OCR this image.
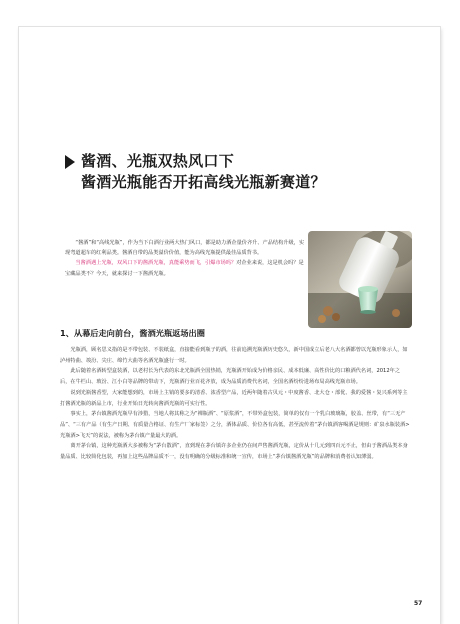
酱酒、光瓶双热风口下

酱酒光瓶能否开拓高线光瓶新赛道？

“酱酒”和“高线光瓶”，作为当下白酒行业两大热门风口，都是助力酒企量价齐升、产品结构升级，实现弯道超车的红利品类。酱酒自带的品类溢价价值，能为高线光瓶提供最佳品质背书。

当酱酒遇上光瓶，双风口下的酱酒光瓶，真能乘势而飞，引爆市场吗？对企业来说，这是机会吗？是宝藏品类不？今天，就来探讨一下酱酒光瓶。

1、从幕后走向前台，酱酒光瓶返场出圈

光瓶酒，顾名思义指的是不带包装、不装纸盒，直接能看到瓶子的酒，往前追溯光瓶酒历史悠久，新中国成立后老八大名酒都曾以光瓶形象示人，如泸州特曲、竣汾、尖庄、绵竹大曲等名酒光瓶盛行一时。

此后随着名酒转型盒装酒，以老村长为代表的东北光瓶酒全国热销，光瓶酒开始成为价格亲民、成本低廉、高性价比的口粮酒代名词，2012年之后，在牛栏山、玻汾、江小白等品牌的带动下，光瓶酒行业百花齐放，成为品质消费代名词，全国名酒纷纷进场布局高线光瓶市场。

说到光瓶酱香型，大家能想到的，市场上主销的要多的清香、浓香型产品，近两年随着古贝元・中度酱香、北大仓・部优、我的爱酱・复兴系列等主打酱酒光瓶的新品上市，行业开始日光转向酱酒光瓶的可实行性。

事实上，茅台镇酱酒光瓶早有涉猎，当地人将其称之为“裸瓶酒”、“原浆酒”，不带外盒包装，简单的仅有一个乳白玻璃瓶，胶盖、丝带，有“三无产品”、“三有产品（有生产日期、有质量合格证、有生产厂家标签）之分，酒体品质、价位各有高低，甚至流传着“茅台镇酒客喝酒是规则：矿泉水瓶装酒>光瓶酒>飞天”的说法，被称为茅台镇产量最大的酒。

离开茅台镇，这种光瓶酒大多被称为“茅台散酒”，直到现在茅台镇许多企业仍在间声售酱酒光瓶，定价从十几元到四百元不止，但由于酱酒品类本身量品质、比较简化包装，再加上这些品牌品质不一，没有明确的分级标准和统一宣传，市场上“茅台镇酱酒光瓶”的品牌和消费者认知薄弱。

57
